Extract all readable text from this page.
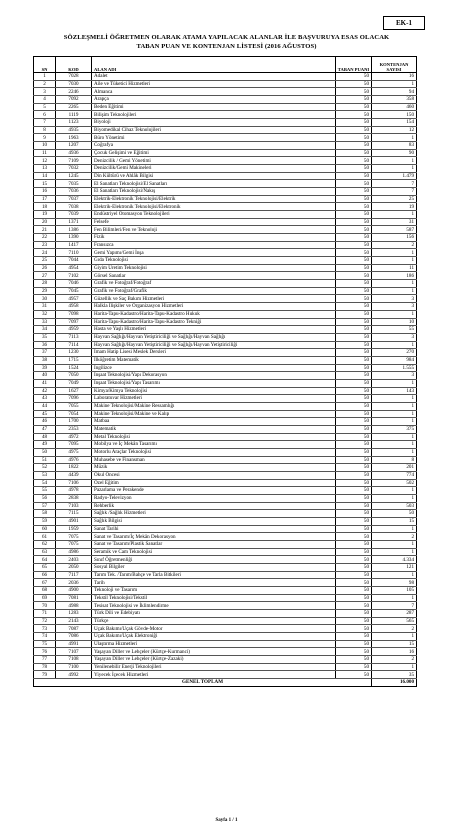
EK-1
SÖZLEŞMELİ ÖĞRETMEN OLARAK ATAMA YAPILACAK ALANLAR İLE BAŞVURUYA ESAS OLACAK
TABAN PUAN VE KONTENJAN LİSTESİ (2016 AĞUSTOS)
SN	KOD	ALAN ADI	TABAN PUANI	KONTENJAN SAYISI
1	7028	Adalet	50	16
2	7030	Aile ve Tüketici Hizmetleri	50	1
3	2246	Almanca	50	94
4	7092	Arapça	50	358
5	2265	Beden Eğitimi	50	460
6	1119	Bilişim Teknolojileri	50	150
7	1123	Biyoloji	50	154
8	4935	Biyomedikal Cihaz Teknolojileri	50	12
9	1963	Büro Yönetimi	50	1
10	1207	Coğrafya	50	83
11	4936	Çocuk Gelişimi ve Eğitimi	50	90
12	7109	Denizcilik / Gemi Yönetimi	50	1
13	7032	Denizcilik/Gemi Makineleri	50	1
14	1245	Din Kültürü ve Ahlâk Bilgisi	50	1.479
15	7035	El Sanatları Teknolojisi/El Sanatları	50	7
16	7036	El Sanatları Teknolojisi/Nakış	50	7
17	7037	Elektrik-Elektronik Teknolojisi/Elektrik	50	25
18	7038	Elektrik-Elektronik Teknolojisi/Elektronik	50	19
19	7039	Endüstriyel Otomasyon Teknolojileri	50	1
20	1371	Felsefe	50	31
21	1386	Fen Bilimleri/Fen ve Teknoloji	50	587
22	1390	Fizik	50	156
23	1417	Fransızca	50	2
24	7110	Gemi Yapımı/Gemi İnşa	50	1
25	7044	Gıda Teknolojisi	50	1
26	4954	Giyim Üretim Teknolojisi	50	11
27	7102	Görsel Sanatlar	50	186
28	7046	Grafik ve Fotoğraf/Fotoğraf	50	1
29	7045	Grafik ve Fotoğraf/Grafik	50	1
30	4957	Güzellik ve Saç Bakım Hizmetleri	50	3
31	4958	Halkla İlişkiler ve Organizasyon Hizmetleri	50	3
32	7098	Harita-Tapu-Kadastro/Harita-Tapu-Kadastro Hukuk	50	1
33	7097	Harita-Tapu-Kadastro/Harita-Tapu-Kadastro Tekniği	50	10
34	4959	Hasta ve Yaşlı Hizmetleri	50	55
35	7113	Hayvan Sağlığı/Hayvan Yetiştiriciliği ve Sağlığı/Hayvan Sağlığı	50	3
36	7114	Hayvan Sağlığı/Hayvan Yetiştiriciliği ve Sağlığı/Hayvan Yetiştiriciliği	50	1
37	1230	İmam Hatip Lisesi Meslek Dersleri	50	270
38	1715	İlköğretim Matematik	50	984
39	1524	İngilizce	50	1.555
40	7050	İnşaat Teknolojisi/Yapı Dekorasyon	50	3
41	7049	İnşaat Teknolojisi/Yapı Tasarımı	50	1
42	1627	Kimya/Kimya Teknolojisi	50	143
43	7096	Laboratuvar Hizmetleri	50	1
44	7055	Makine Teknolojisi/Makine Ressamlığı	50	1
45	7054	Makine Teknolojisi/Makine ve Kalıp	50	1
46	1700	Matbaa	50	1
47	2353	Matematik	50	375
48	4972	Metal Teknolojisi	50	1
49	7095	Mobilya ve İç Mekân Tasarımı	50	1
50	4975	Motorlu Araçlar Teknolojisi	50	1
51	4976	Muhasebe ve Finansman	50	8
52	1822	Müzik	50	201
53	4439	Okul Öncesi	50	774
54	7106	Özel Eğitim	50	502
55	4978	Pazarlama ve Perakende	50	1
56	2838	Radyo-Televizyon	50	1
57	7103	Rehberlik	50	503
58	7115	Sağlık /Sağlık Hizmetleri	50	50
59	4901	Sağlık Bilgisi	50	15
60	1959	Sanat Tarihi	50	1
61	7075	Sanat ve Tasarım/İç Mekân Dekorasyon	50	2
62	7075	Sanat ve Tasarım/Plastik Sanatlar	50	1
63	4986	Seramik ve Cam Teknolojisi	50	1
64	2403	Sınıf Öğretmenliği	50	4.334
65	2050	Sosyal Bilgiler	50	121
66	7117	Tarım Tek. /Tarım/Bahçe ve Tarla Bitkileri	50	1
67	2036	Tarih	50	98
68	4900	Teknoloji ve Tasarım	50	105
69	7081	Tekstil Teknolojisi/Tekstil	50	1
70	4988	Tesisat Teknolojisi ve İklimlendirme	50	7
71	1283	Türk Dili ve Edebiyatı	50	287
72	2143	Türkçe	50	565
73	7087	Uçak Bakımı/Uçak Gövde-Motor	50	2
74	7086	Uçak Bakımı/Uçak Elektroniği	50	1
75	4991	Ulaştırma Hizmetleri	50	15
76	7107	Yaşayan Diller ve Lehçeler (Kürtçe-Kurmanci)	50	16
77	7108	Yaşayan Diller ve Lehçeler (Kürtçe-Zazaki)	50	2
78	7100	Yenilenebilir Enerji Teknolojileri	50	1
79	4992	Yiyecek İçecek Hizmetleri	50	35
GENEL TOPLAM				16.000
Sayfa 1 / 1
